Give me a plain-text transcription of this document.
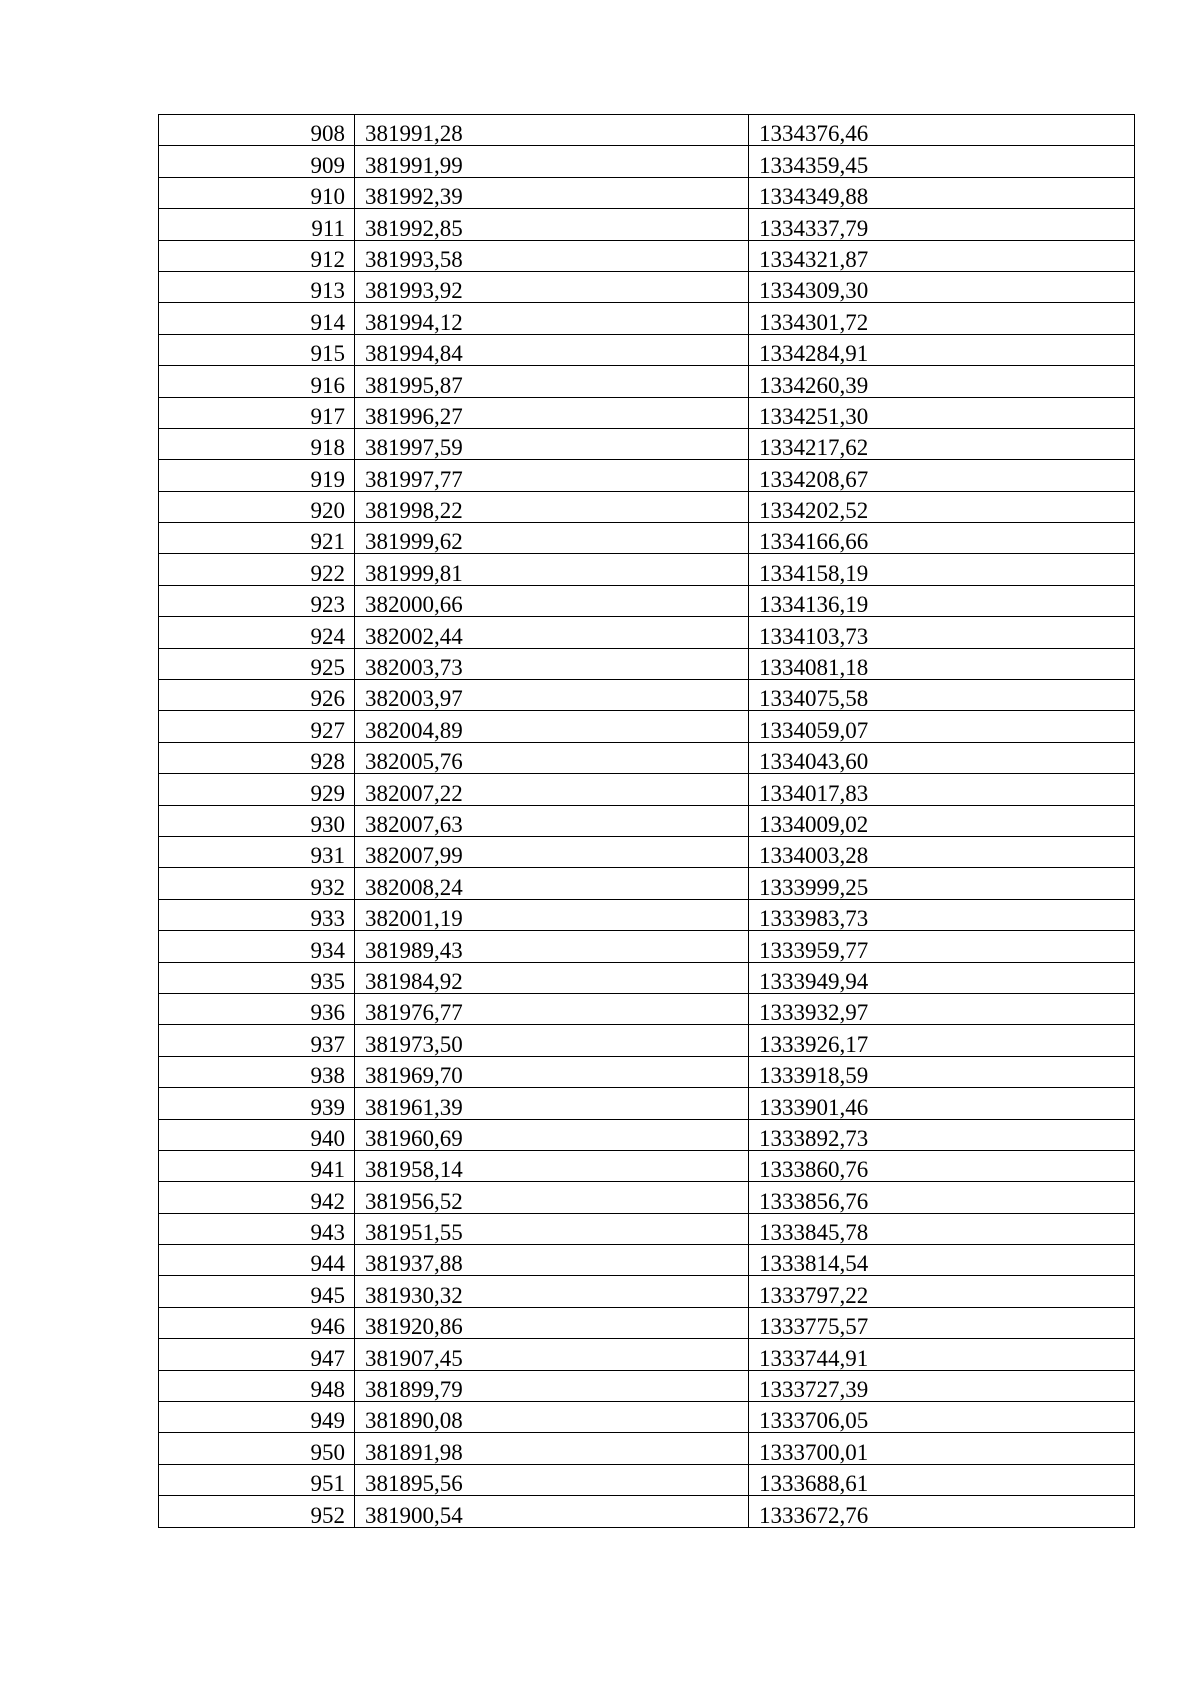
908	381991,28	1334376,46
909	381991,99	1334359,45
910	381992,39	1334349,88
911	381992,85	1334337,79
912	381993,58	1334321,87
913	381993,92	1334309,30
914	381994,12	1334301,72
915	381994,84	1334284,91
916	381995,87	1334260,39
917	381996,27	1334251,30
918	381997,59	1334217,62
919	381997,77	1334208,67
920	381998,22	1334202,52
921	381999,62	1334166,66
922	381999,81	1334158,19
923	382000,66	1334136,19
924	382002,44	1334103,73
925	382003,73	1334081,18
926	382003,97	1334075,58
927	382004,89	1334059,07
928	382005,76	1334043,60
929	382007,22	1334017,83
930	382007,63	1334009,02
931	382007,99	1334003,28
932	382008,24	1333999,25
933	382001,19	1333983,73
934	381989,43	1333959,77
935	381984,92	1333949,94
936	381976,77	1333932,97
937	381973,50	1333926,17
938	381969,70	1333918,59
939	381961,39	1333901,46
940	381960,69	1333892,73
941	381958,14	1333860,76
942	381956,52	1333856,76
943	381951,55	1333845,78
944	381937,88	1333814,54
945	381930,32	1333797,22
946	381920,86	1333775,57
947	381907,45	1333744,91
948	381899,79	1333727,39
949	381890,08	1333706,05
950	381891,98	1333700,01
951	381895,56	1333688,61
952	381900,54	1333672,76
